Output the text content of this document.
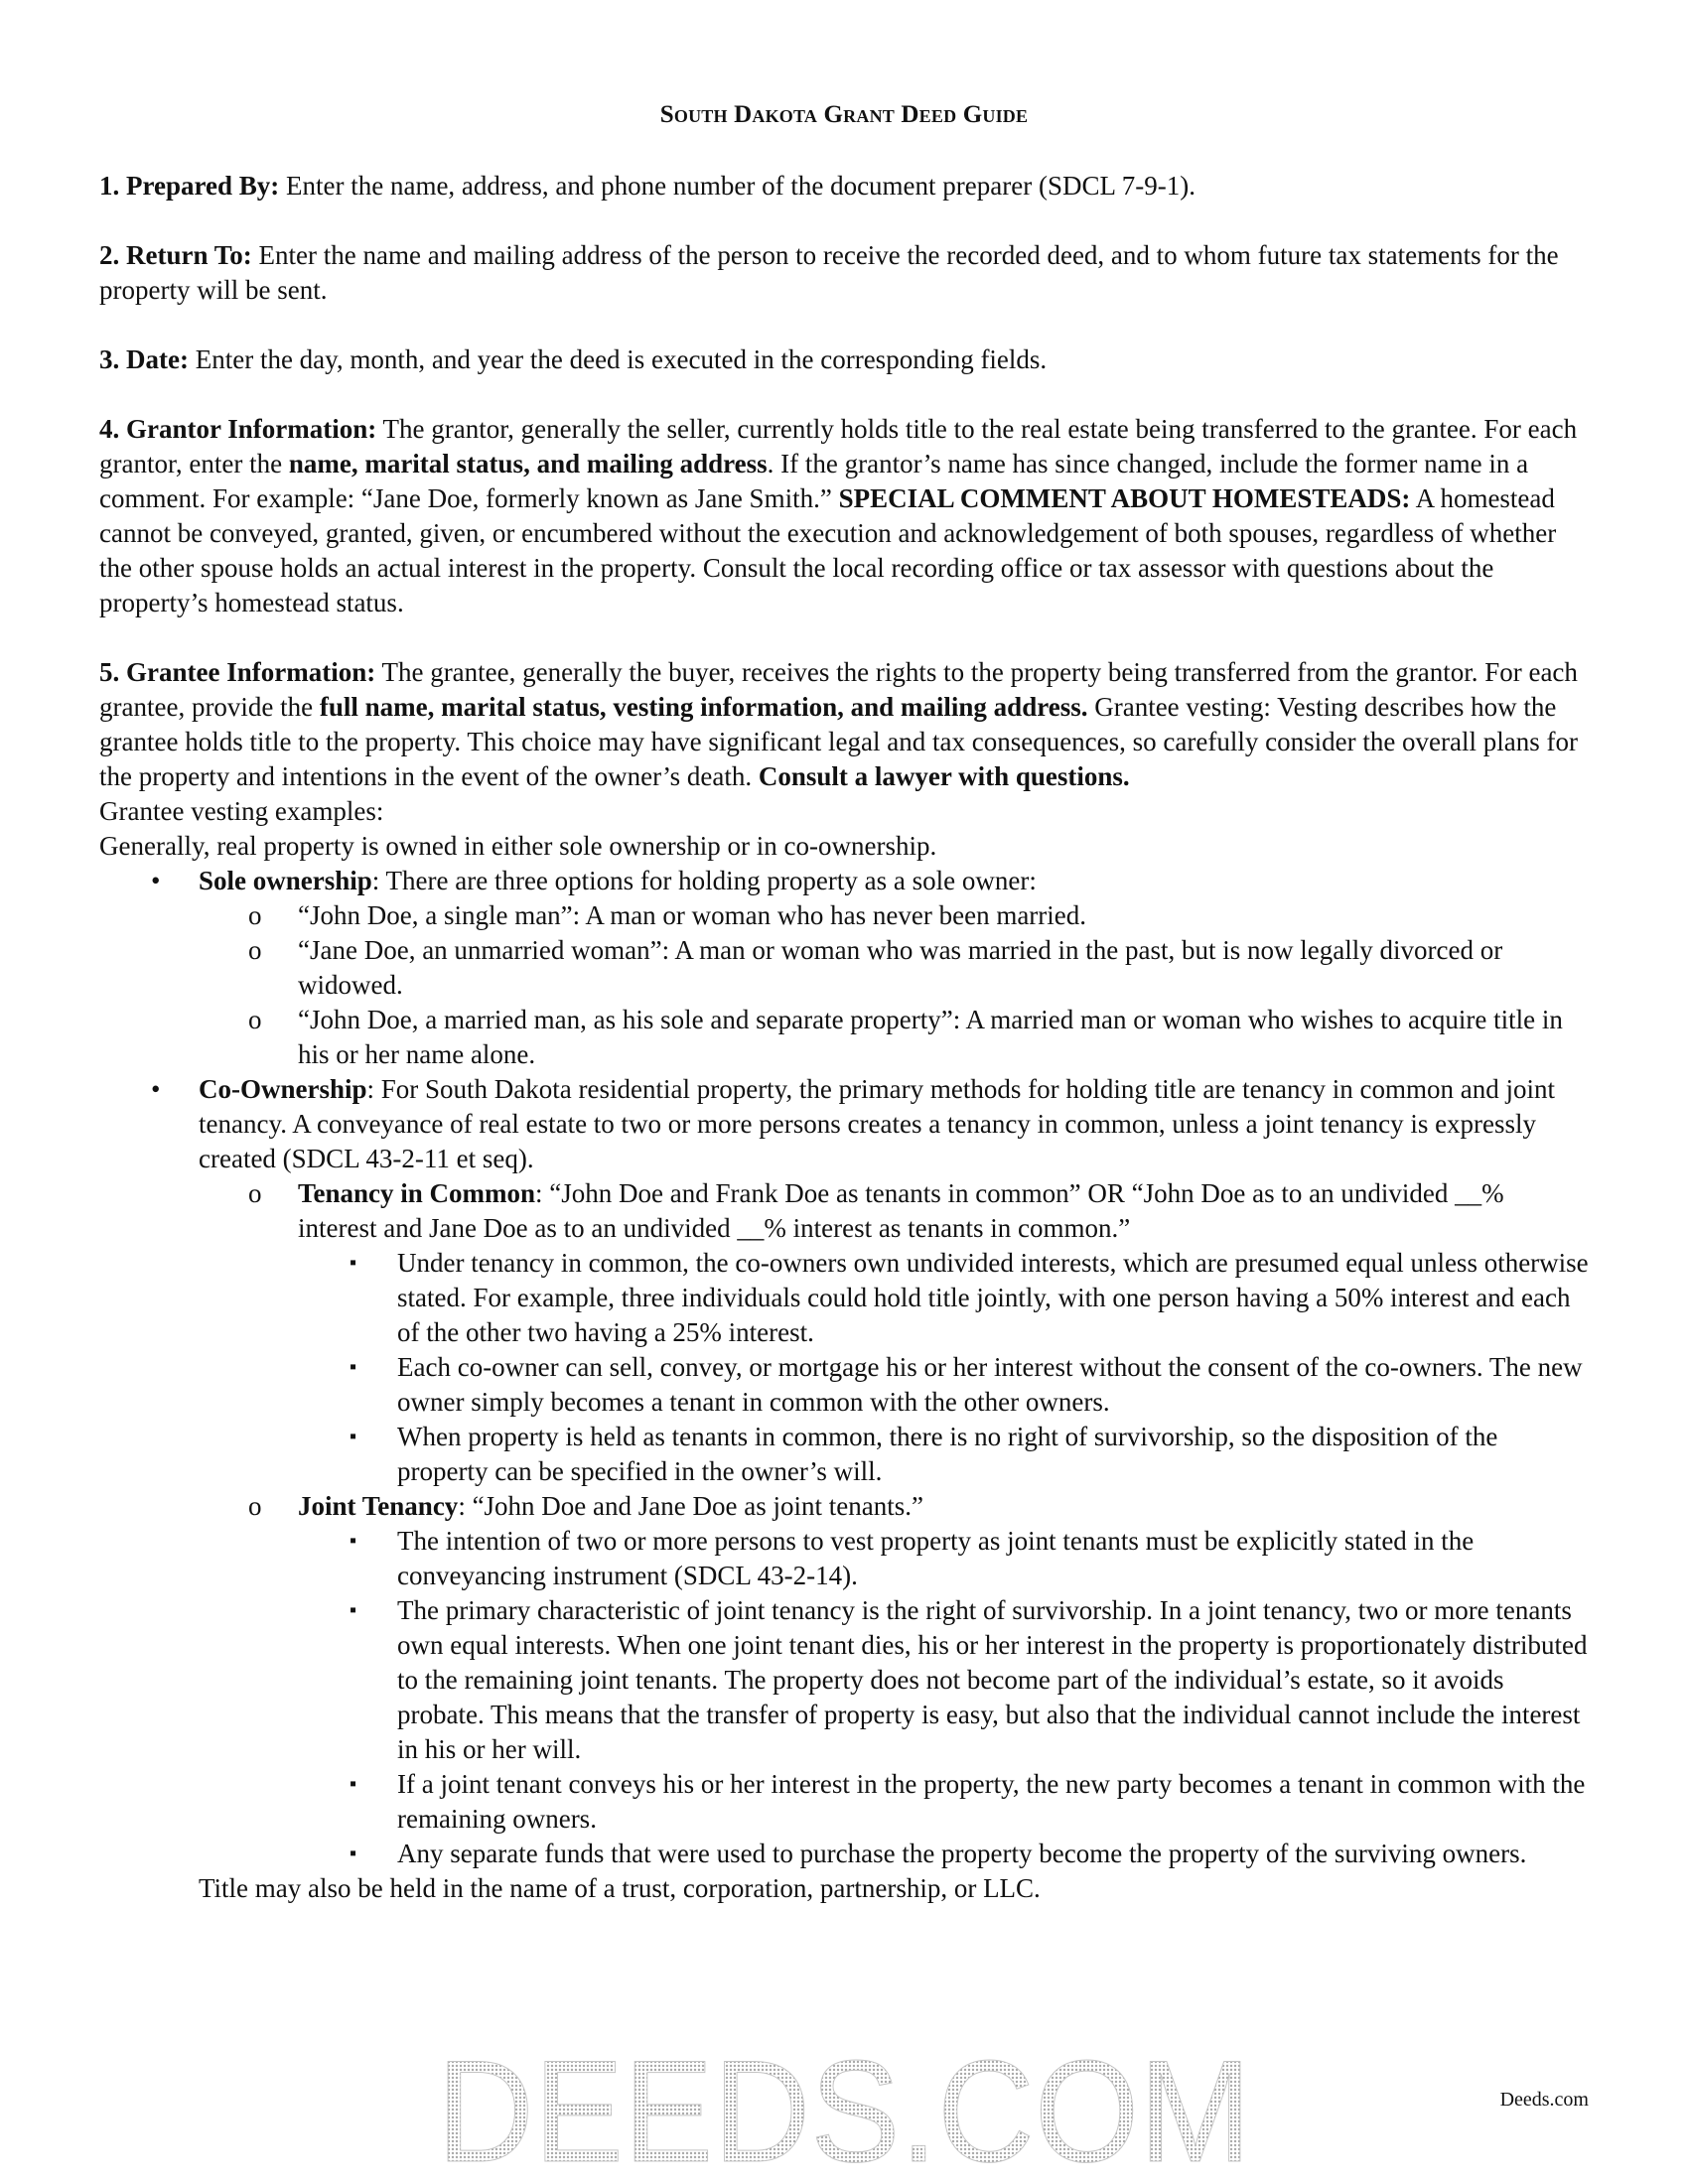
South Dakota Grant Deed Guide

1. Prepared By: Enter the name, address, and phone number of the document preparer (SDCL 7-9-1).

2. Return To: Enter the name and mailing address of the person to receive the recorded deed, and to whom future tax statements for the property will be sent.

3. Date: Enter the day, month, and year the deed is executed in the corresponding fields.

4. Grantor Information: The grantor, generally the seller, currently holds title to the real estate being transferred to the grantee. For each grantor, enter the name, marital status, and mailing address. If the grantor’s name has since changed, include the former name in a comment. For example: “Jane Doe, formerly known as Jane Smith.” SPECIAL COMMENT ABOUT HOMESTEADS: A homestead cannot be conveyed, granted, given, or encumbered without the execution and acknowledgement of both spouses, regardless of whether the other spouse holds an actual interest in the property. Consult the local recording office or tax assessor with questions about the property’s homestead status.

5. Grantee Information: The grantee, generally the buyer, receives the rights to the property being transferred from the grantor. For each grantee, provide the full name, marital status, vesting information, and mailing address. Grantee vesting: Vesting describes how the grantee holds title to the property. This choice may have significant legal and tax consequences, so carefully consider the overall plans for the property and intentions in the event of the owner’s death. Consult a lawyer with questions.

Grantee vesting examples:

Generally, real property is owned in either sole ownership or in co-ownership.

• Sole ownership: There are three options for holding property as a sole owner:
o “John Doe, a single man”: A man or woman who has never been married.
o “Jane Doe, an unmarried woman”: A man or woman who was married in the past, but is now legally divorced or widowed.
o “John Doe, a married man, as his sole and separate property”: A married man or woman who wishes to acquire title in his or her name alone.
• Co-Ownership: For South Dakota residential property, the primary methods for holding title are tenancy in common and joint tenancy. A conveyance of real estate to two or more persons creates a tenancy in common, unless a joint tenancy is expressly created (SDCL 43-2-11 et seq).
o Tenancy in Common: “John Doe and Frank Doe as tenants in common” OR “John Doe as to an undivided __% interest and Jane Doe as to an undivided __% interest as tenants in common.”
▪ Under tenancy in common, the co-owners own undivided interests, which are presumed equal unless otherwise stated. For example, three individuals could hold title jointly, with one person having a 50% interest and each of the other two having a 25% interest.
▪ Each co-owner can sell, convey, or mortgage his or her interest without the consent of the co-owners. The new owner simply becomes a tenant in common with the other owners.
▪ When property is held as tenants in common, there is no right of survivorship, so the disposition of the property can be specified in the owner’s will.
o Joint Tenancy: “John Doe and Jane Doe as joint tenants.”
▪ The intention of two or more persons to vest property as joint tenants must be explicitly stated in the conveyancing instrument (SDCL 43-2-14).
▪ The primary characteristic of joint tenancy is the right of survivorship. In a joint tenancy, two or more tenants own equal interests. When one joint tenant dies, his or her interest in the property is proportionately distributed to the remaining joint tenants. The property does not become part of the individual’s estate, so it avoids probate. This means that the transfer of property is easy, but also that the individual cannot include the interest in his or her will.
▪ If a joint tenant conveys his or her interest in the property, the new party becomes a tenant in common with the remaining owners.
▪ Any separate funds that were used to purchase the property become the property of the surviving owners.

Title may also be held in the name of a trust, corporation, partnership, or LLC.

DEEDS.COM	Deeds.com
